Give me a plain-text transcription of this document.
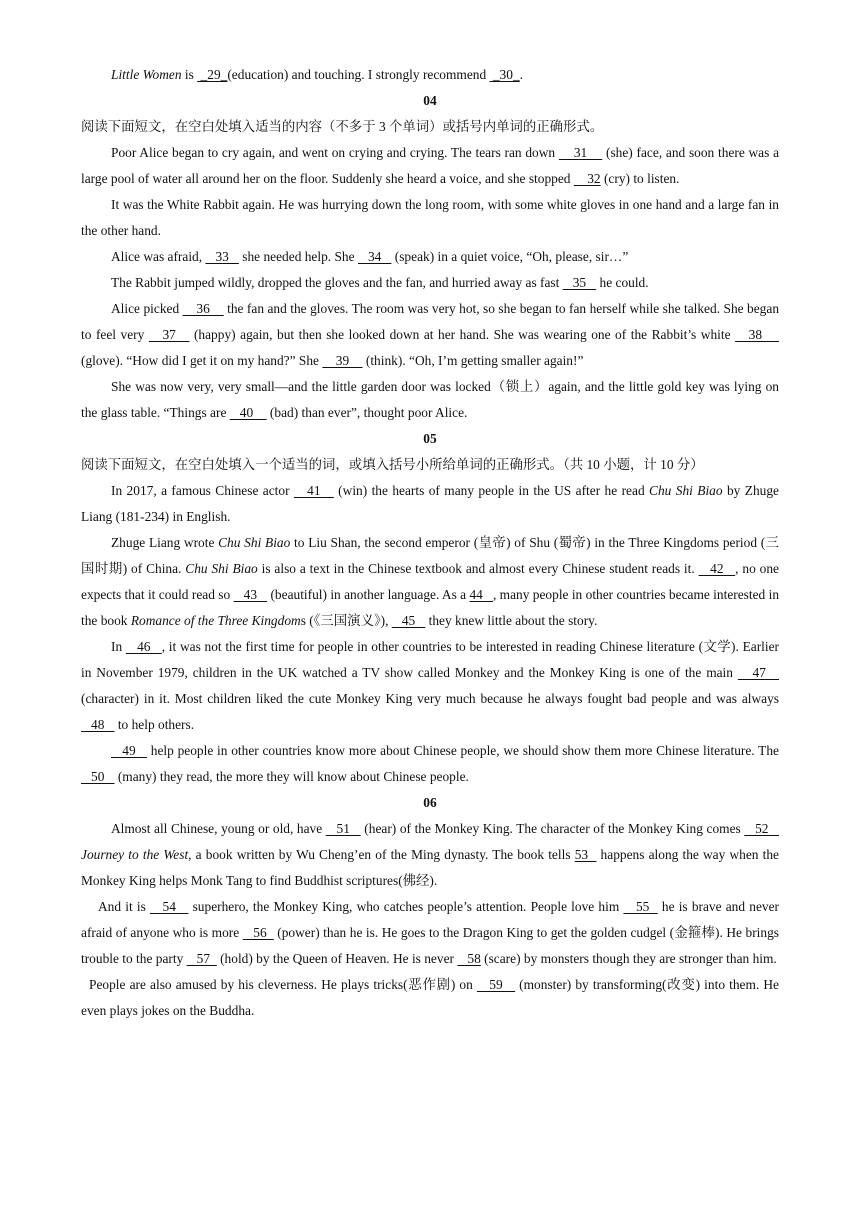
Little Women is  _29_(education) and touching. I strongly recommend  _30_.

04

阅读下面短文，在空白处填入适当的内容（不多于 3 个单词）或括号内单词的正确形式。

Poor Alice began to cry again, and went on crying and crying. The tears ran down     31     (she) face, and soon there was a large pool of water all around her on the floor. Suddenly she heard a voice, and she stopped     32 (cry) to listen.

It was the White Rabbit again. He was hurrying down the long room, with some white gloves in one hand and a large fan in the other hand.

Alice was afraid,    33    she needed help. She    34    (speak) in a quiet voice, “Oh, please, sir…”

The Rabbit jumped wildly, dropped the gloves and the fan, and hurried away as fast    35    he could.

Alice picked     36     the fan and the gloves. The room was very hot, so she began to fan herself while she talked. She began to feel very    37    (happy) again, but then she looked down at her hand. She was wearing one of the Rabbit’s white    38     (glove). “How did I get it on my hand?” She     39     (think). “Oh, I’m getting smaller again!”

She was now very, very small—and the little garden door was locked（锁上）again, and the little gold key was lying on the glass table. “Things are    40     (bad) than ever”, thought poor Alice.

05

阅读下面短文，在空白处填入一个适当的词，或填入括号小所给单词的正确形式。（共 10 小题，计 10 分）

In 2017, a famous Chinese actor    41    (win) the hearts of many people in the US after he read Chu Shi Biao by Zhuge Liang (181-234) in English.

Zhuge Liang wrote Chu Shi Biao to Liu Shan, the second emperor (皇帝) of Shu (蜀帝) in the Three Kingdoms period (三国时期) of China. Chu Shi Biao is also a text in the Chinese textbook and almost every Chinese student reads it.    42   , no one expects that it could read so    43    (beautiful) in another language. As a 44   , many people in other countries became interested in the book Romance of the Three Kingdoms (《三国演义》),    45    they knew little about the story.

In    46   , it was not the first time for people in other countries to be interested in reading Chinese literature (文学). Earlier in November 1979, children in the UK watched a TV show called Monkey and the Monkey King is one of the main    47    (character) in it. Most children liked the cute Monkey King very much because he always fought bad people and was always    48    to help others.

49    help people in other countries know more about Chinese people, we should show them more Chinese literature. The    50    (many) they read, the more they will know about Chinese people.

06

Almost all Chinese, young or old, have    51    (hear) of the Monkey King. The character of the Monkey King comes    52    Journey to the West, a book written by Wu Cheng’en of the Ming dynasty. The book tells 53   happens along the way when the Monkey King helps Monk Tang to find Buddhist scriptures(佛经).

And it is    54    superhero, the Monkey King, who catches people’s attention. People love him    55   he is brave and never afraid of anyone who is more    56   (power) than he is. He goes to the Dragon King to get the golden cudgel (金箍棒). He brings trouble to the party    57   (hold) by the Queen of Heaven. He is never    58 (scare) by monsters though they are stronger than him.

People are also amused by his cleverness. He plays tricks(恶作剧) on    59    (monster) by transforming(改变) into them. He even plays jokes on the Buddha.
